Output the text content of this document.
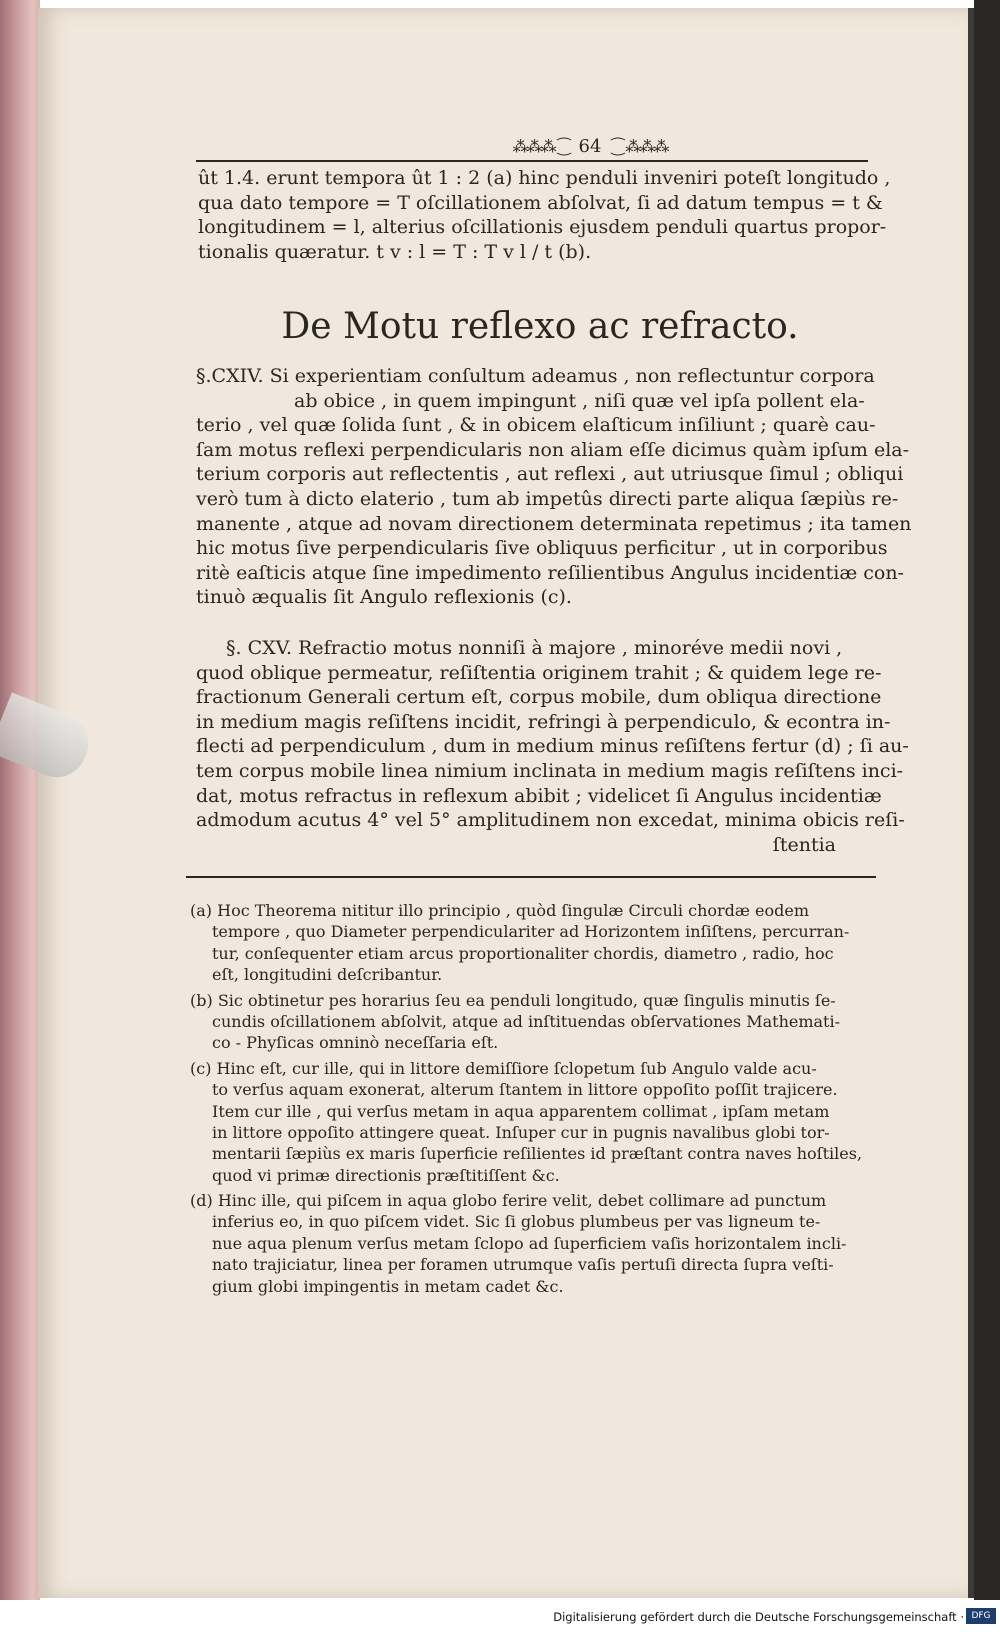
⁂⁂⁂ ⁐ 64 ⁐ ⁂⁂⁂
ût 1.4. erunt tempora ût 1 : 2 (a) hinc penduli inveniri poteſt longitudo ,
qua dato tempore = T oſcillationem abſolvat, ſi ad datum tempus = t &
longitudinem = l, alterius oſcillationis ejusdem penduli quartus propor-
tionalis quæratur. t v : l = T : T v l / t (b).
De Motu reflexo ac refracto.
§.CXIV. Si experientiam conſultum adeamus , non reflectuntur corpora
ab obice , in quem impingunt , niſi quæ vel ipſa pollent ela-
terio , vel quæ ſolida ſunt , & in obicem elaſticum inſiliunt ; quarè cau-
ſam motus reflexi perpendicularis non aliam eſſe dicimus quàm ipſum ela-
terium corporis aut reflectentis , aut reflexi , aut utriusque ſimul ; obliqui
verò tum à dicto elaterio , tum ab impetûs directi parte aliqua ſæpiùs re-
manente , atque ad novam directionem determinata repetimus ; ita tamen
hic motus ſive perpendicularis ſive obliquus perficitur , ut in corporibus
ritè eaſticis atque ſine impedimento reſilientibus Angulus incidentiæ con-
tinuò æqualis ſit Angulo reflexionis (c).
§. CXV. Refractio motus nonniſi à majore , minoréve medii novi ,
quod oblique permeatur, reſiſtentia originem trahit ; & quidem lege re-
fractionum Generali certum eſt, corpus mobile, dum obliqua directione
in medium magis reſiſtens incidit, refringi à perpendiculo, & econtra in-
flecti ad perpendiculum , dum in medium minus reſiſtens fertur (d) ; ſi au-
tem corpus mobile linea nimium inclinata in medium magis reſiſtens inci-
dat, motus refractus in reflexum abibit ; videlicet ſi Angulus incidentiæ
admodum acutus 4° vel 5° amplitudinem non excedat, minima obicis reſi-
ſtentia
(a) Hoc Theorema nititur illo principio , quòd ſingulæ Circuli chordæ eodem
tempore , quo Diameter perpendiculariter ad Horizontem inſiſtens, percurran-
tur, conſequenter etiam arcus proportionaliter chordis, diametro , radio, hoc
eſt, longitudini deſcribantur.
(b) Sic obtinetur pes horarius ſeu ea penduli longitudo, quæ ſingulis minutis ſe-
cundis oſcillationem abſolvit, atque ad inſtituendas obſervationes Mathemati-
co - Phyſicas omninò neceſſaria eſt.
(c) Hinc eſt, cur ille, qui in littore demiſſiore ſclopetum ſub Angulo valde acu-
to verſus aquam exonerat, alterum ſtantem in littore oppoſito poſſit trajicere.
Item cur ille , qui verſus metam in aqua apparentem collimat , ipſam metam
in littore oppoſito attingere queat. Inſuper cur in pugnis navalibus globi tor-
mentarii ſæpiùs ex maris ſuperficie reſilientes id præſtant contra naves hoſtiles,
quod vi primæ directionis præſtitiſſent &c.
(d) Hinc ille, qui piſcem in aqua globo ferire velit, debet collimare ad punctum
inferius eo, in quo piſcem videt. Sic ſi globus plumbeus per vas ligneum te-
nue aqua plenum verſus metam ſclopo ad ſuperficiem vaſis horizontalem incli-
nato trajiciatur, linea per foramen utrumque vaſis pertuſi directa ſupra veſti-
gium globi impingentis in metam cadet &c.
Digitalisierung gefördert durch die Deutsche Forschungsgemeinschaft · DFG
